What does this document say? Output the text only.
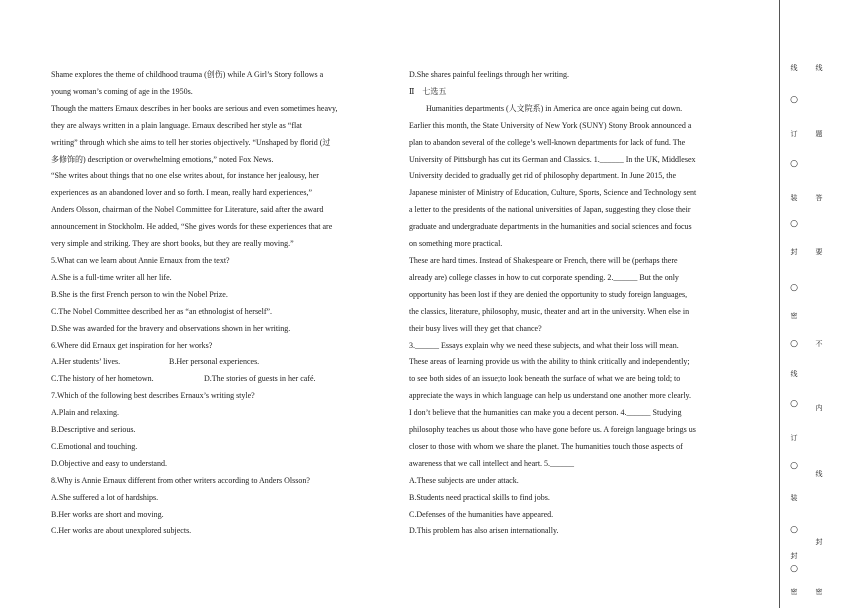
Shame explores the theme of childhood trauma (创伤) while A Girl’s Story follows a

young woman’s coming of age in the 1950s.

Though the matters Ernaux describes in her books are serious and even sometimes heavy,

they are always written in a plain language. Ernaux described her style as “flat

writing” through which she aims to tell her stories objectively. “Unshaped by florid (过

多修饰的) description or overwhelming emotions,” noted Fox News.

“She writes about things that no one else writes about, for instance her jealousy, her

experiences as an abandoned lover and so forth. I mean, really hard experiences,”

Anders Olsson, chairman of the Nobel Committee for Literature, said after the award

announcement in Stockholm. He added, “She gives words for these experiences that are

very simple and striking. They are short books, but they are really moving.”

5.What can we learn about Annie Ernaux from the text?

A.She is a full-time writer all her life.

B.She is the first French person to win the Nobel Prize.

C.The Nobel Committee described her as “an ethnologist of herself”.

D.She was awarded for the bravery and observations shown in her writing.

6.Where did Ernaux get inspiration for her works?

A.Her students’ lives.	B.Her personal experiences.

C.The history of her hometown.	D.The stories of guests in her café.

7.Which of the following best describes Ernaux’s writing style?

A.Plain and relaxing.

B.Descriptive and serious.

C.Emotional and touching.

D.Objective and easy to understand.

8.Why is Annie Ernaux different from other writers according to Anders Olsson?

A.She suffered a lot of hardships.

B.Her works are short and moving.

C.Her works are about unexplored subjects.

D.She shares painful feelings through her writing.

Ⅱ　七选五

Humanities departments (人文院系) in America are once again being cut down.

Earlier this month, the State University of New York (SUNY) Stony Brook announced a

plan to abandon several of the college’s well-known departments for lack of fund. The

University of Pittsburgh has cut its German and Classics. 1.______ In the UK, Middlesex

University decided to gradually get rid of philosophy department. In June 2015, the

Japanese minister of Ministry of Education, Culture, Sports, Science and Technology sent

a letter to the presidents of the national universities of Japan, suggesting they close their

graduate and undergraduate departments in the humanities and social sciences and focus

on something more practical.

These are hard times. Instead of Shakespeare or French, there will be (perhaps there

already are) college classes in how to cut corporate spending. 2.______ But the only

opportunity has been lost if they are denied the opportunity to study foreign languages,

the classics, literature, philosophy, music, theater and art in the university. When else in

their busy lives will they get that chance?

3.______ Essays explain why we need these subjects, and what their loss will mean.

These areas of learning provide us with the ability to think critically and independently;

to see both sides of an issue;to look beneath the surface of what we are being told; to

appreciate the ways in which language can help us understand one another more clearly.

I don’t believe that the humanities can make you a decent person. 4.______ Studying

philosophy teaches us about those who have gone before us. A foreign language brings us

closer to those with whom we share the planet. The humanities touch those aspects of

awareness that we call intellect and heart. 5.______

A.These subjects are under attack.

B.Students need practical skills to find jobs.

C.Defenses of the humanities have appeared.

D.This problem has also arisen internationally.

线
○
订
○
装
○
封
○
密
○
线
○
订
○
装
○
封
○
密
线
题
答
要
不
内
线
封
密
